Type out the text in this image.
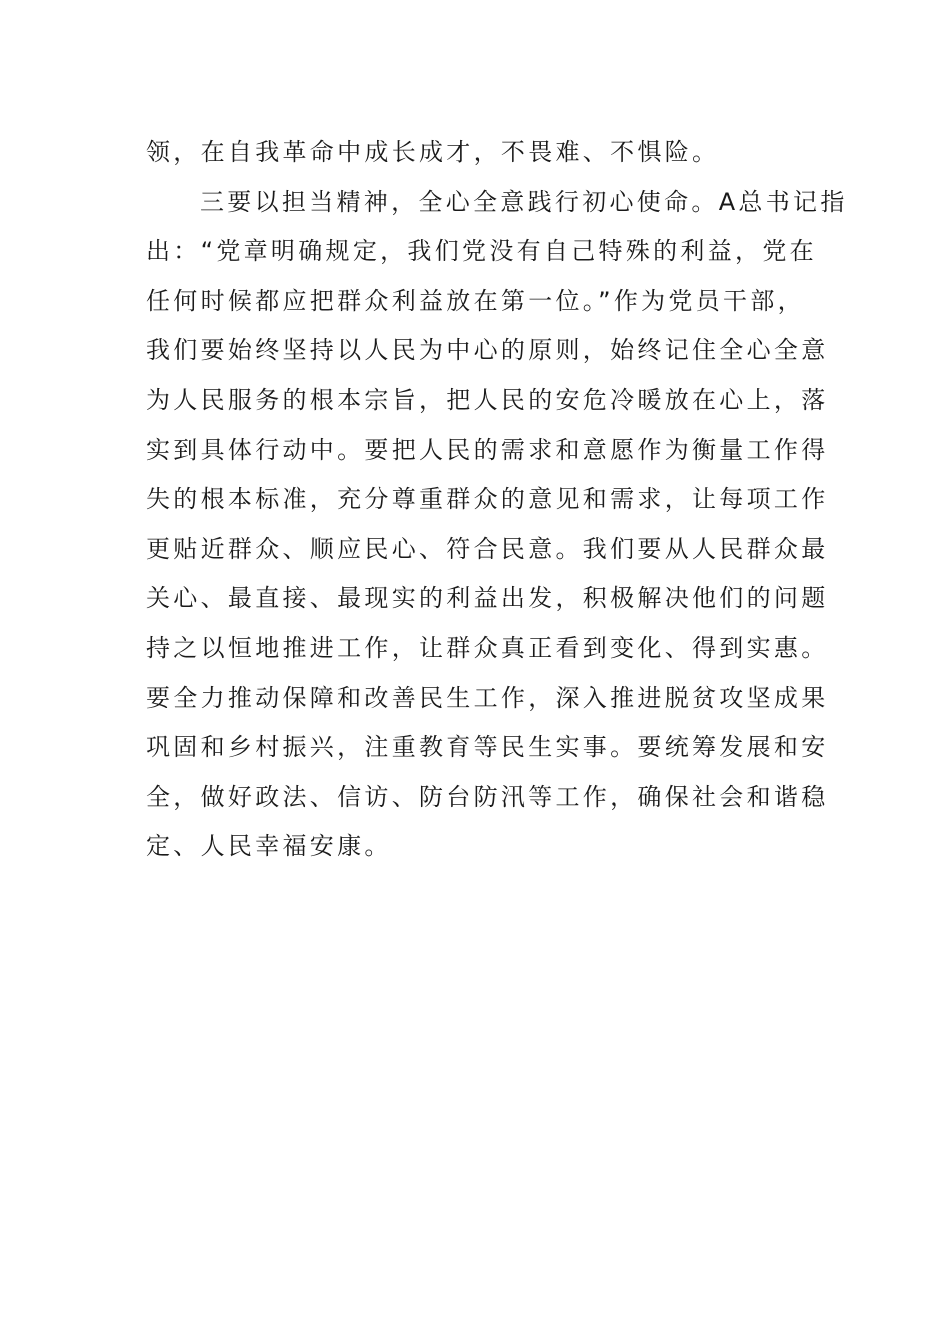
领，在自我革命中成长成才，不畏难、不惧险。
三要以担当精神，全心全意践行初心使命。A总书记指
出：“党章明确规定，我们党没有自己特殊的利益，党在
任何时候都应把群众利益放在第一位。”作为党员干部，
我们要始终坚持以人民为中心的原则，始终记住全心全意
为人民服务的根本宗旨，把人民的安危冷暖放在心上，落
实到具体行动中。要把人民的需求和意愿作为衡量工作得
失的根本标准，充分尊重群众的意见和需求，让每项工作
更贴近群众、顺应民心、符合民意。我们要从人民群众最
关心、最直接、最现实的利益出发，积极解决他们的问题
持之以恒地推进工作，让群众真正看到变化、得到实惠。
要全力推动保障和改善民生工作，深入推进脱贫攻坚成果
巩固和乡村振兴，注重教育等民生实事。要统筹发展和安
全，做好政法、信访、防台防汛等工作，确保社会和谐稳
定、人民幸福安康。
